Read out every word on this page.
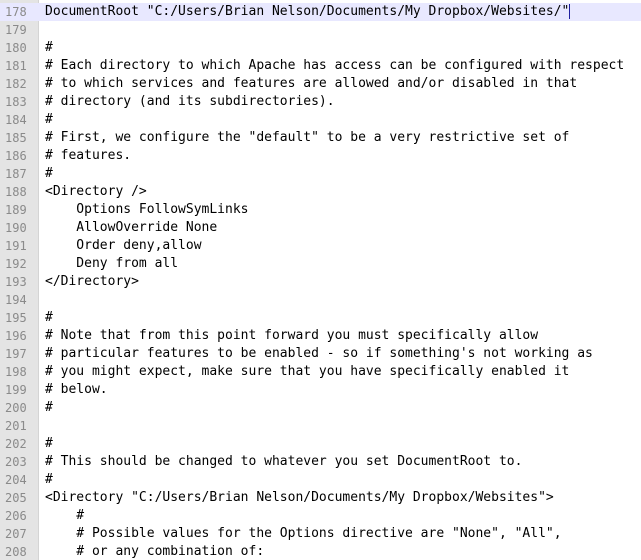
178	DocumentRoot "C:/Users/Brian Nelson/Documents/My Dropbox/Websites/"
179
180	#
181	# Each directory to which Apache has access can be configured with respect
182	# to which services and features are allowed and/or disabled in that
183	# directory (and its subdirectories).
184	#
185	# First, we configure the "default" to be a very restrictive set of
186	# features.
187	#
188	<Directory />
189	Options FollowSymLinks
190	AllowOverride None
191	Order deny,allow
192	Deny from all
193	</Directory>
194
195	#
196	# Note that from this point forward you must specifically allow
197	# particular features to be enabled - so if something's not working as
198	# you might expect, make sure that you have specifically enabled it
199	# below.
200	#
201
202	#
203	# This should be changed to whatever you set DocumentRoot to.
204	#
205	<Directory "C:/Users/Brian Nelson/Documents/My Dropbox/Websites">
206	#
207	# Possible values for the Options directive are "None", "All",
208	# or any combination of:
